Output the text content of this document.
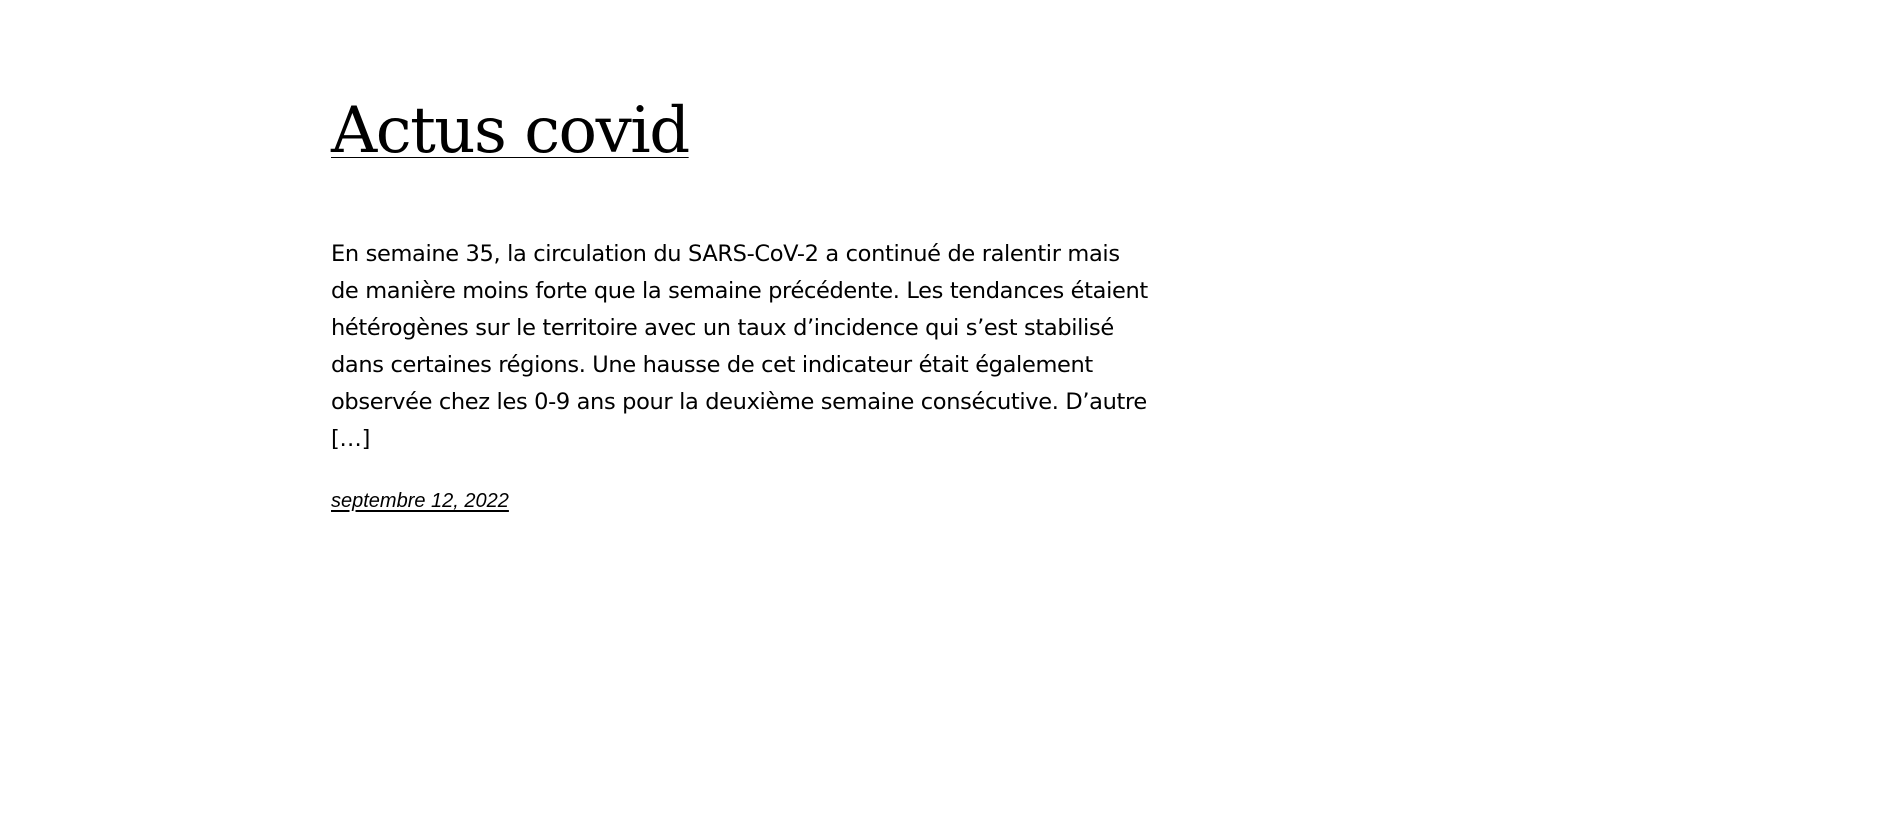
Actus covid

En semaine 35, la circulation du SARS-CoV-2 a continué de ralentir mais de manière moins forte que la semaine précédente. Les tendances étaient hétérogènes sur le territoire avec un taux d’incidence qui s’est stabilisé dans certaines régions. Une hausse de cet indicateur était également observée chez les 0-9 ans pour la deuxième semaine consécutive. D’autre […]

septembre 12, 2022
